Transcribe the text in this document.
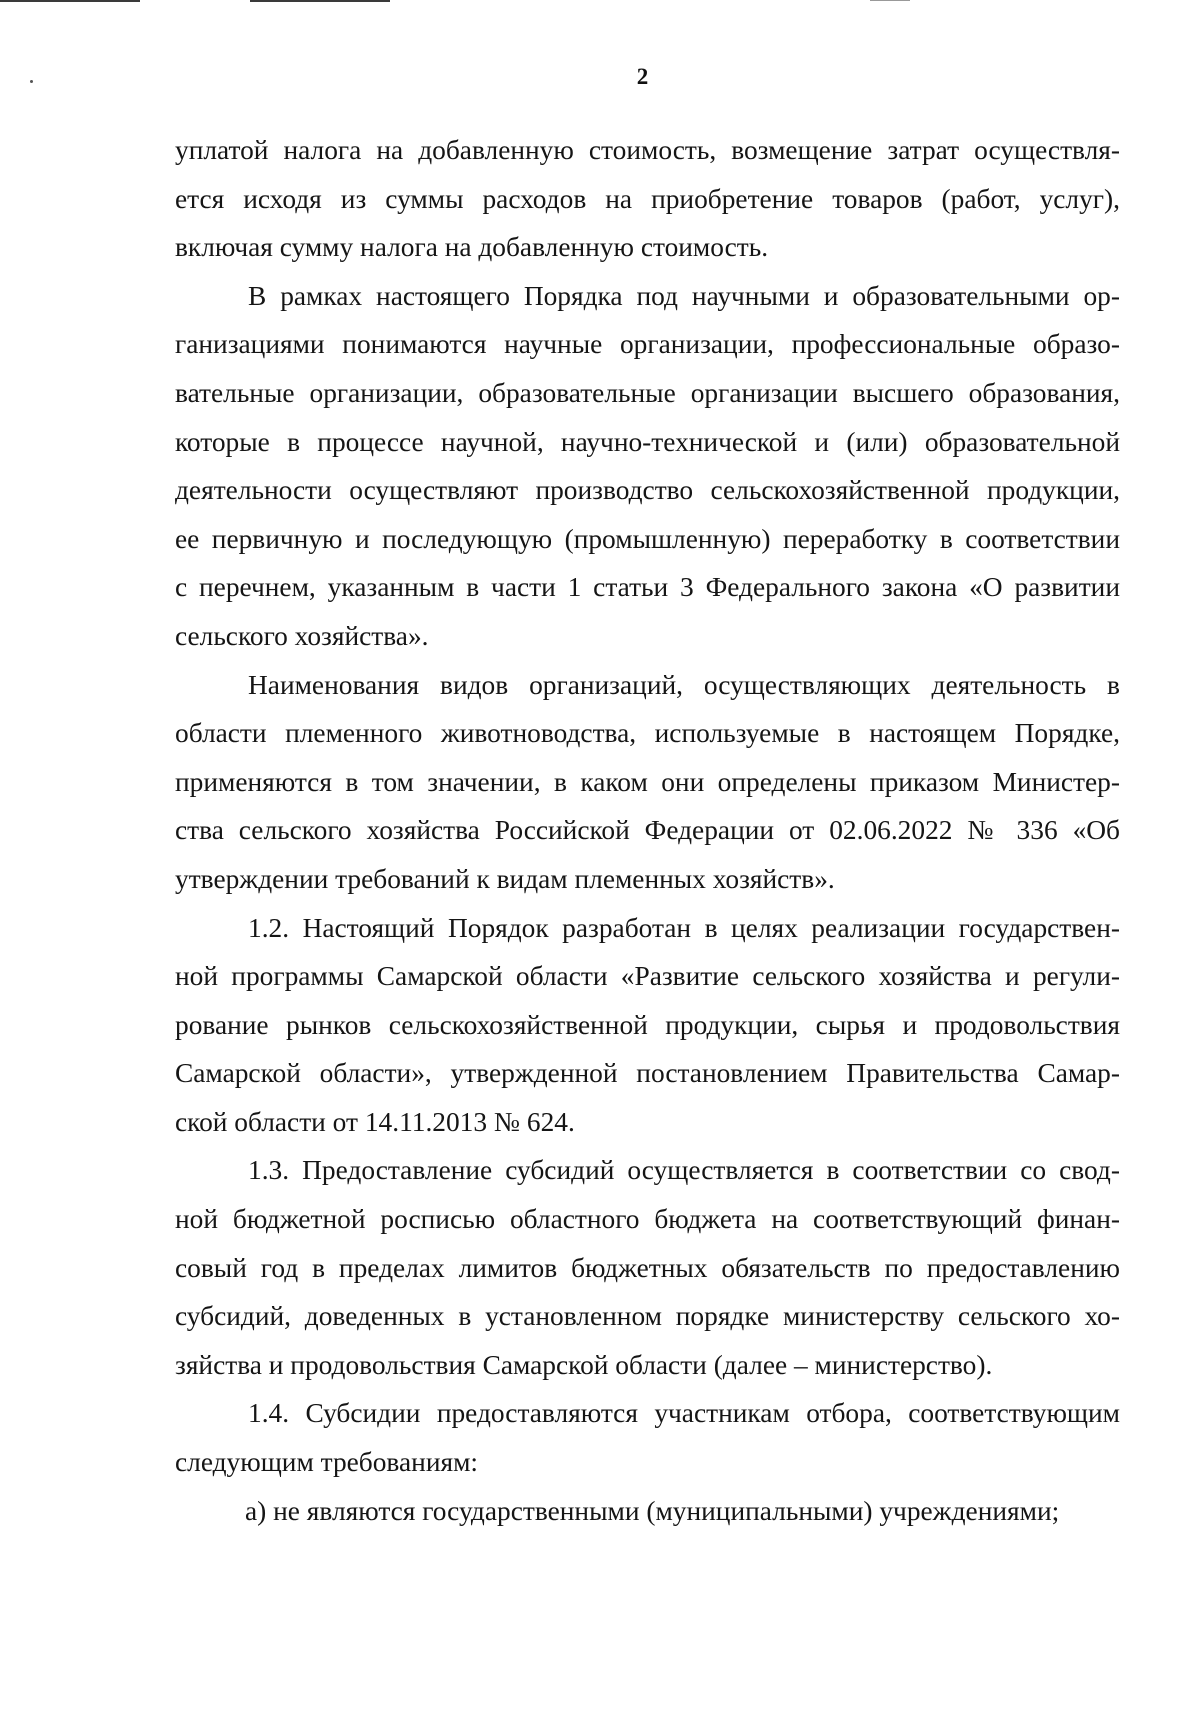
2
уплатой налога на добавленную стоимость, возмещение затрат осуществля-
ется исходя из суммы расходов на приобретение товаров (работ, услуг),
включая сумму налога на добавленную стоимость.
В рамках настоящего Порядка под научными и образовательными ор-
ганизациями понимаются научные организации, профессиональные образо-
вательные организации, образовательные организации высшего образования,
которые в процессе научной, научно-технической и (или) образовательной
деятельности осуществляют производство сельскохозяйственной продукции,
ее первичную и последующую (промышленную) переработку в соответствии
с перечнем, указанным в части 1 статьи 3 Федерального закона «О развитии
сельского хозяйства».
Наименования видов организаций, осуществляющих деятельность в
области племенного животноводства, используемые в настоящем Порядке,
применяются в том значении, в каком они определены приказом Министер-
ства сельского хозяйства Российской Федерации от 02.06.2022 № 336 «Об
утверждении требований к видам племенных хозяйств».
1.2. Настоящий Порядок разработан в целях реализации государствен-
ной программы Самарской области «Развитие сельского хозяйства и регули-
рование рынков сельскохозяйственной продукции, сырья и продовольствия
Самарской области», утвержденной постановлением Правительства Самар-
ской области от 14.11.2013 № 624.
1.3. Предоставление субсидий осуществляется в соответствии со свод-
ной бюджетной росписью областного бюджета на соответствующий финан-
совый год в пределах лимитов бюджетных обязательств по предоставлению
субсидий, доведенных в установленном порядке министерству сельского хо-
зяйства и продовольствия Самарской области (далее – министерство).
1.4. Субсидии предоставляются участникам отбора, соответствующим
следующим требованиям:
а) не являются государственными (муниципальными) учреждениями;
